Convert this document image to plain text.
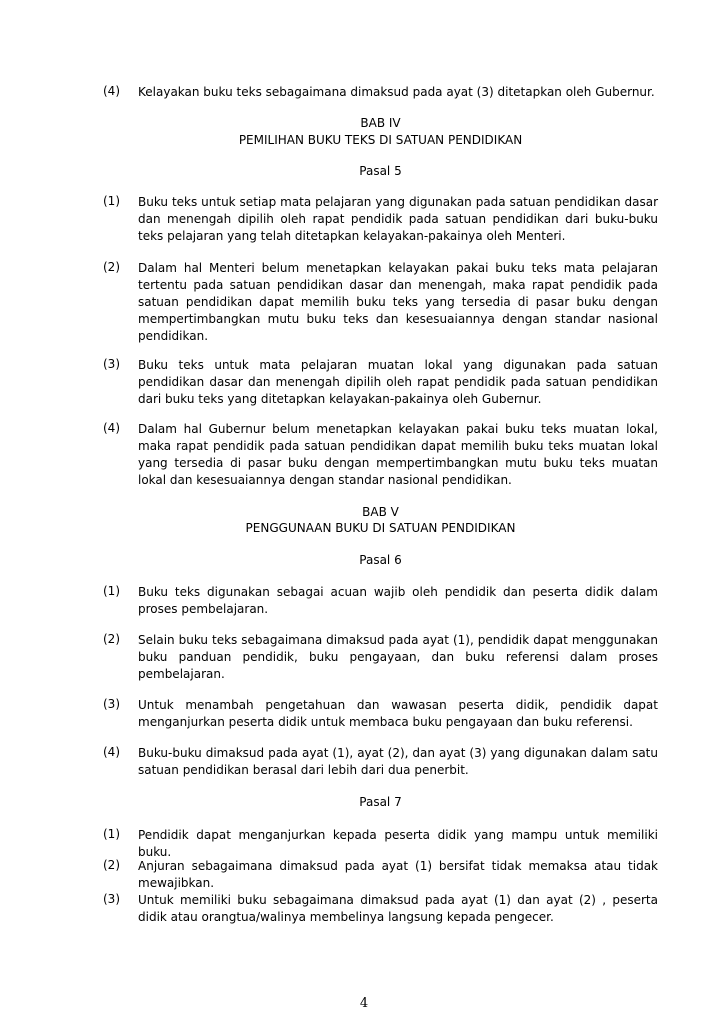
(4)	Kelayakan buku teks sebagaimana dimaksud pada ayat (3) ditetapkan oleh Gubernur.
BAB IV
PEMILIHAN BUKU TEKS DI SATUAN PENDIDIKAN
Pasal 5
(1)	Buku teks untuk setiap mata pelajaran yang digunakan pada satuan pendidikan dasar dan menengah dipilih oleh rapat pendidik pada satuan pendidikan dari buku-buku teks pelajaran yang telah ditetapkan kelayakan-pakainya oleh Menteri.
(2)	Dalam hal Menteri belum menetapkan kelayakan pakai buku teks mata pelajaran tertentu pada satuan pendidikan dasar dan menengah, maka rapat pendidik pada satuan pendidikan dapat memilih buku teks yang tersedia di pasar buku dengan mempertimbangkan mutu buku teks dan kesesuaiannya dengan standar nasional pendidikan.
(3)	Buku teks untuk mata pelajaran muatan lokal yang digunakan pada satuan pendidikan dasar dan menengah dipilih oleh rapat pendidik pada satuan pendidikan dari buku teks yang ditetapkan kelayakan-pakainya oleh Gubernur.
(4)	Dalam hal Gubernur belum menetapkan kelayakan pakai buku teks muatan lokal, maka rapat pendidik pada satuan pendidikan dapat memilih buku teks muatan lokal yang tersedia di pasar buku dengan mempertimbangkan mutu buku teks muatan lokal dan kesesuaiannya dengan standar nasional pendidikan.
BAB V
PENGGUNAAN BUKU DI SATUAN PENDIDIKAN
Pasal 6
(1)	Buku teks digunakan sebagai acuan wajib oleh pendidik dan peserta didik dalam proses pembelajaran.
(2)	Selain buku teks sebagaimana dimaksud pada ayat (1), pendidik dapat menggunakan buku panduan pendidik, buku pengayaan, dan buku referensi dalam proses pembelajaran.
(3)	Untuk menambah pengetahuan dan wawasan peserta didik, pendidik dapat menganjurkan peserta didik untuk membaca buku pengayaan dan buku referensi.
(4)	Buku-buku dimaksud pada ayat (1), ayat (2), dan ayat (3) yang digunakan dalam satu satuan pendidikan berasal dari lebih dari dua penerbit.
Pasal 7
(1)	Pendidik dapat menganjurkan kepada peserta didik yang mampu untuk memiliki buku.
(2)	Anjuran sebagaimana dimaksud pada ayat (1) bersifat tidak memaksa atau tidak mewajibkan.
(3)	Untuk memiliki buku sebagaimana dimaksud pada ayat (1) dan ayat (2) , peserta didik atau orangtua/walinya membelinya langsung kepada pengecer.
4
